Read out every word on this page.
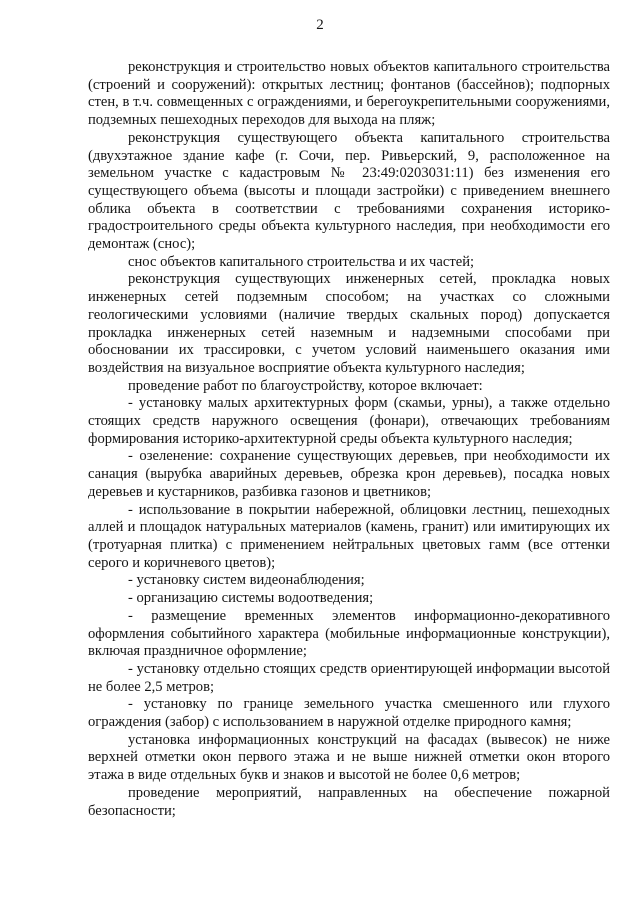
2

реконструкция и строительство новых объектов капитального строительства (строений и сооружений): открытых лестниц; фонтанов (бассейнов); подпорных стен, в т.ч. совмещенных с ограждениями, и берегоукрепительными сооружениями, подземных пешеходных переходов для выхода на пляж;

реконструкция существующего объекта капитального строительства (двухэтажное здание кафе (г. Сочи, пер. Ривьерский, 9, расположенное на земельном участке с кадастровым № 23:49:0203031:11) без изменения его существующего объема (высоты и площади застройки) с приведением внешнего облика объекта в соответствии с требованиями сохранения историко-градостроительного среды объекта культурного наследия, при необходимости его демонтаж (снос);

снос объектов капитального строительства и их частей;

реконструкция существующих инженерных сетей, прокладка новых инженерных сетей подземным способом; на участках со сложными геологическими условиями (наличие твердых скальных пород) допускается прокладка инженерных сетей наземным и надземными способами при обосновании их трассировки, с учетом условий наименьшего оказания ими воздействия на визуальное восприятие объекта культурного наследия;

проведение работ по благоустройству, которое включает:

- установку малых архитектурных форм (скамьи, урны), а также отдельно стоящих средств наружного освещения (фонари), отвечающих требованиям формирования историко-архитектурной среды объекта культурного наследия;

- озеленение: сохранение существующих деревьев, при необходимости их санация (вырубка аварийных деревьев, обрезка крон деревьев), посадка новых деревьев и кустарников, разбивка газонов и цветников;

- использование в покрытии набережной, облицовки лестниц, пешеходных аллей и площадок натуральных материалов (камень, гранит) или имитирующих их (тротуарная плитка) с применением нейтральных цветовых гамм (все оттенки серого и коричневого цветов);

- установку систем видеонаблюдения;

- организацию системы водоотведения;

- размещение временных элементов информационно-декоративного оформления событийного характера (мобильные информационные конструкции), включая праздничное оформление;

- установку отдельно стоящих средств ориентирующей информации высотой не более 2,5 метров;

- установку по границе земельного участка смешенного или глухого ограждения (забор) с использованием в наружной отделке природного камня;

установка информационных конструкций на фасадах (вывесок) не ниже верхней отметки окон первого этажа и не выше нижней отметки окон второго этажа в виде отдельных букв и знаков и высотой не более 0,6 метров;

проведение мероприятий, направленных на обеспечение пожарной безопасности;
